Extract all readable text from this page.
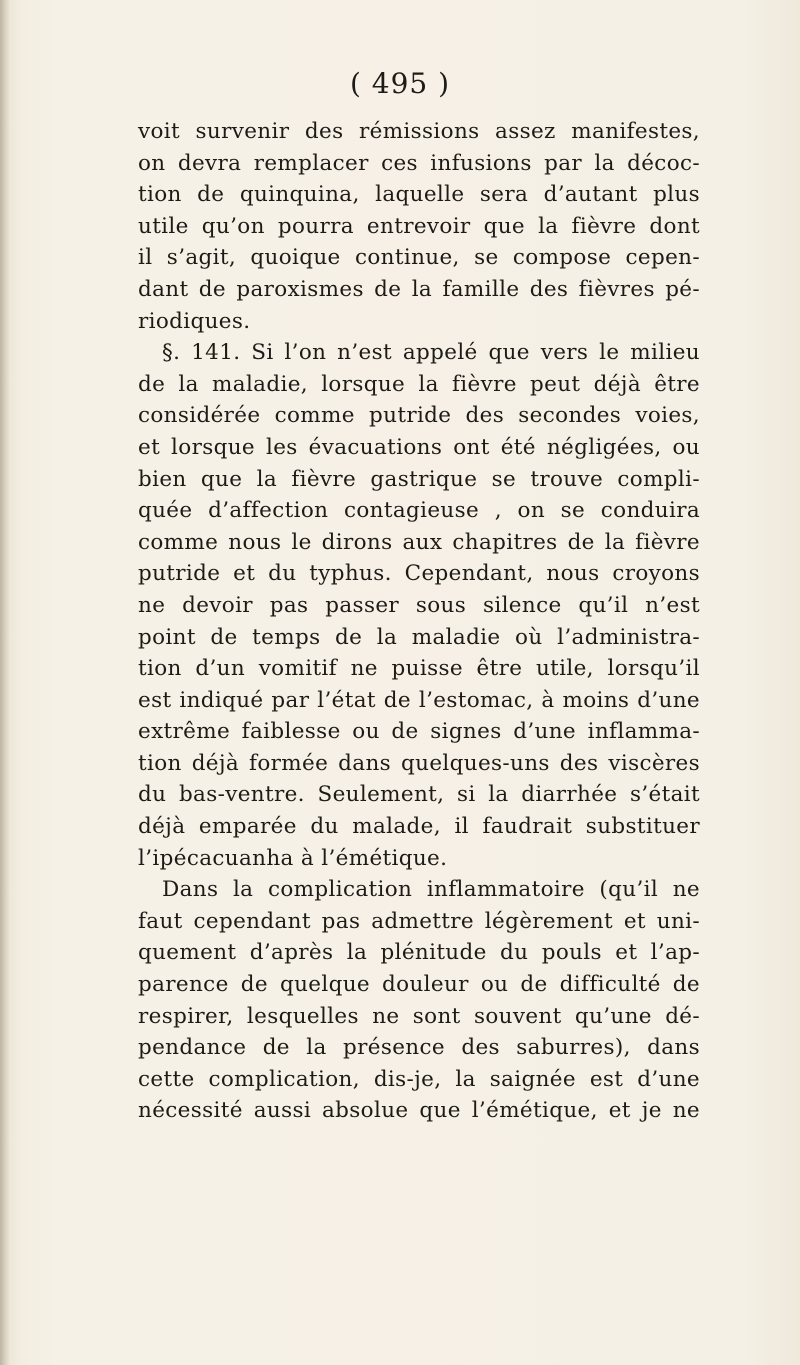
( 495 )
voit survenir des rémissions assez manifestes,
on devra remplacer ces infusions par la décoc-
tion de quinquina, laquelle sera d’autant plus
utile qu’on pourra entrevoir que la fièvre dont
il s’agit, quoique continue, se compose cepen-
dant de paroxismes de la famille des fièvres pé-
riodiques.
§. 141. Si l’on n’est appelé que vers le milieu
de la maladie, lorsque la fièvre peut déjà être
considérée comme putride des secondes voies,
et lorsque les évacuations ont été négligées, ou
bien que la fièvre gastrique se trouve compli-
quée d’affection contagieuse , on se conduira
comme nous le dirons aux chapitres de la fièvre
putride et du typhus. Cependant, nous croyons
ne devoir pas passer sous silence qu’il n’est
point de temps de la maladie où l’administra-
tion d’un vomitif ne puisse être utile, lorsqu’il
est indiqué par l’état de l’estomac, à moins d’une
extrême faiblesse ou de signes d’une inflamma-
tion déjà formée dans quelques-uns des viscères
du bas-ventre. Seulement, si la diarrhée s’était
déjà emparée du malade, il faudrait substituer
l’ipécacuanha à l’émétique.
Dans la complication inflammatoire (qu’il ne
faut cependant pas admettre légèrement et uni-
quement d’après la plénitude du pouls et l’ap-
parence de quelque douleur ou de difficulté de
respirer, lesquelles ne sont souvent qu’une dé-
pendance de la présence des saburres), dans
cette complication, dis-je, la saignée est d’une
nécessité aussi absolue que l’émétique, et je ne
